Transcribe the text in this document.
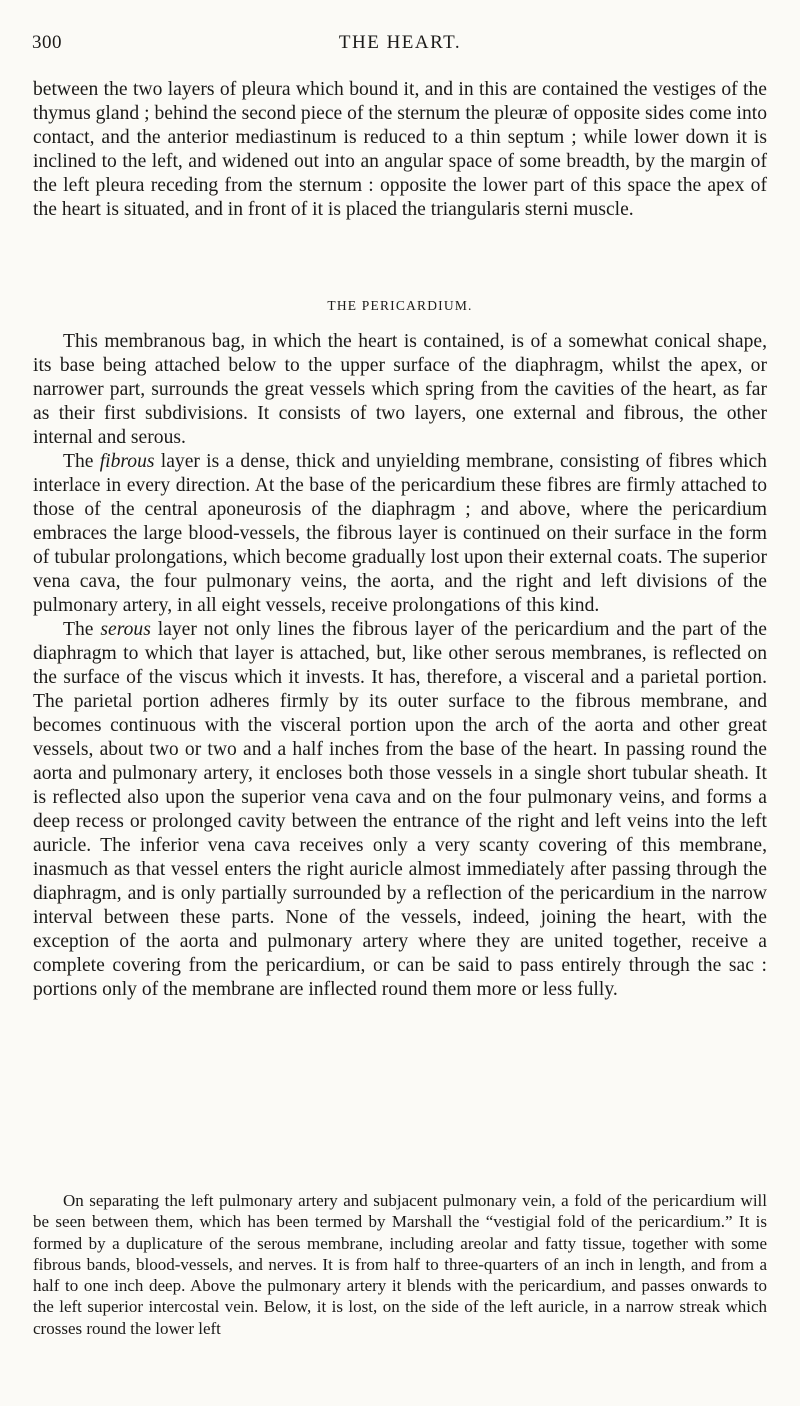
300	THE HEART.

between the two layers of pleura which bound it, and in this are contained the vestiges of the thymus gland ; behind the second piece of the sternum the pleuræ of opposite sides come into contact, and the anterior mediastinum is reduced to a thin septum ; while lower down it is inclined to the left, and widened out into an angular space of some breadth, by the margin of the left pleura receding from the sternum : opposite the lower part of this space the apex of the heart is situated, and in front of it is placed the triangularis sterni muscle.

THE PERICARDIUM.

This membranous bag, in which the heart is contained, is of a somewhat conical shape, its base being attached below to the upper surface of the diaphragm, whilst the apex, or narrower part, surrounds the great vessels which spring from the cavities of the heart, as far as their first subdivisions. It consists of two layers, one external and fibrous, the other internal and serous.

The fibrous layer is a dense, thick and unyielding membrane, consisting of fibres which interlace in every direction. At the base of the pericardium these fibres are firmly attached to those of the central aponeurosis of the diaphragm ; and above, where the pericardium embraces the large blood-vessels, the fibrous layer is continued on their surface in the form of tubular prolongations, which become gradually lost upon their external coats. The superior vena cava, the four pulmonary veins, the aorta, and the right and left divisions of the pulmonary artery, in all eight vessels, receive prolongations of this kind.

The serous layer not only lines the fibrous layer of the pericardium and the part of the diaphragm to which that layer is attached, but, like other serous membranes, is reflected on the surface of the viscus which it invests. It has, therefore, a visceral and a parietal portion. The parietal portion adheres firmly by its outer surface to the fibrous membrane, and becomes continuous with the visceral portion upon the arch of the aorta and other great vessels, about two or two and a half inches from the base of the heart. In passing round the aorta and pulmonary artery, it encloses both those vessels in a single short tubular sheath. It is reflected also upon the superior vena cava and on the four pulmonary veins, and forms a deep recess or prolonged cavity between the entrance of the right and left veins into the left auricle. The inferior vena cava receives only a very scanty covering of this membrane, inasmuch as that vessel enters the right auricle almost immediately after passing through the diaphragm, and is only partially surrounded by a reflection of the pericardium in the narrow interval between these parts. None of the vessels, indeed, joining the heart, with the exception of the aorta and pulmonary artery where they are united together, receive a complete covering from the pericardium, or can be said to pass entirely through the sac : portions only of the membrane are inflected round them more or less fully.

On separating the left pulmonary artery and subjacent pulmonary vein, a fold of the pericardium will be seen between them, which has been termed by Marshall the “vestigial fold of the pericardium.” It is formed by a duplicature of the serous membrane, including areolar and fatty tissue, together with some fibrous bands, blood-vessels, and nerves. It is from half to three-quarters of an inch in length, and from a half to one inch deep. Above the pulmonary artery it blends with the pericardium, and passes onwards to the left superior intercostal vein. Below, it is lost, on the side of the left auricle, in a narrow streak which crosses round the lower left
